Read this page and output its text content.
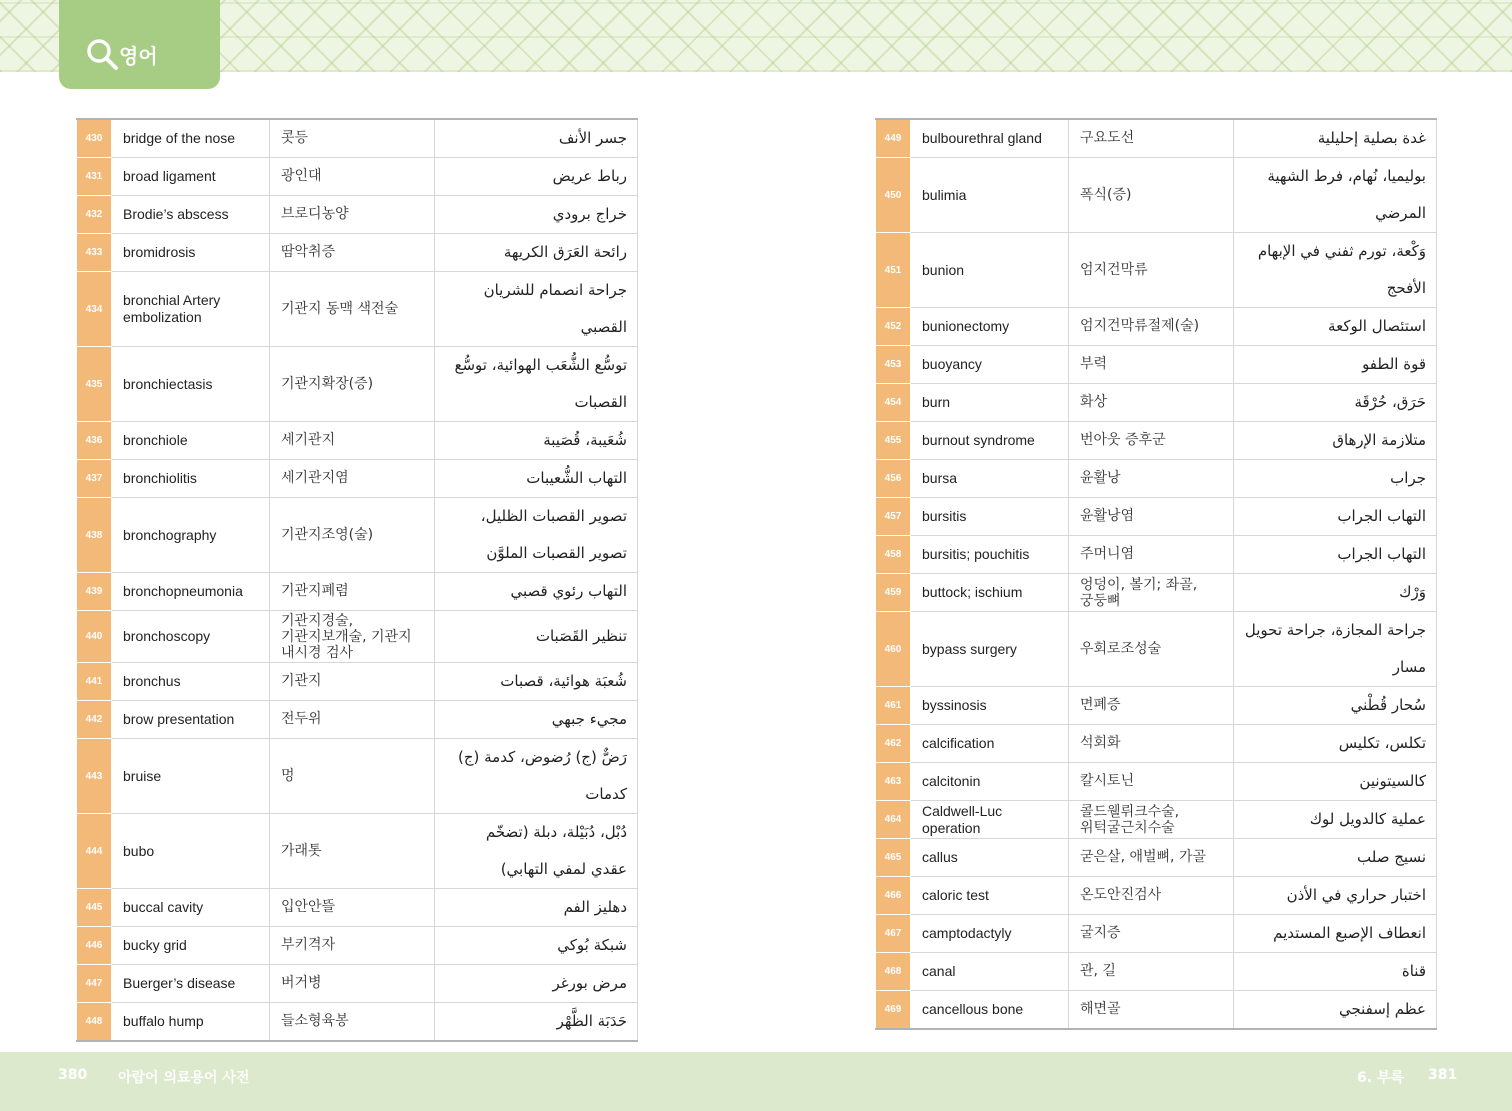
영어
430	bridge of the nose	콧등	جسر الأنف
431	broad ligament	광인대	رباط عريض
432	Brodie’s abscess	브로디농양	خراج برودي
433	bromidrosis	땀악취증	رائحة العَرَق الكريهة
434	bronchial Artery embolization	기관지 동맥 색전술	جراحة انصمام للشريان القصبي
435	bronchiectasis	기관지확장(증)	توسُّع الشُّعَب الهوائية، توسُّع القصبات
436	bronchiole	세기관지	شُعَيبة، قُصَيبة
437	bronchiolitis	세기관지염	التهاب الشُّعيبات
438	bronchography	기관지조영(술)	تصوير القصبات الظليل، تصوير القصبات الملوَّن
439	bronchopneumonia	기관지폐렴	التهاب رئوي قصبي
440	bronchoscopy	기관지경술,
기관지보개술, 기관지
내시경 검사	تنظير القَصَبات
441	bronchus	기관지	شُعبَة هوائية، قصبات
442	brow presentation	전두위	مجيء جبهي
443	bruise	멍	رَضٌّ (ج) رُضوض، كدمة (ج) كدمات
444	bubo	가래톳	دُبْل، دُبَيْلة، دبلة (تضخّم عقدي لمفي التهابي)
445	buccal cavity	입안안뜰	دهليز الفم
446	bucky grid	부키격자	شبكة بُوكي
447	Buerger’s disease	버거병	مرض بورغر
448	buffalo hump	들소형육봉	حَدَبَة الظَّهْر
449	bulbourethral gland	구요도선	غدة بصلية إحليلية
450	bulimia	폭식(증)	بوليميا، نُهام، فرط الشهية المرضي
451	bunion	엄지건막류	وَكْعة، تورم ثفني في الإبهام الأفحج
452	bunionectomy	엄지건막류절제(술)	استئصال الوكعة
453	buoyancy	부력	قوة الطفو
454	burn	화상	حَرَق، حُرْقَة
455	burnout syndrome	번아웃 증후군	متلازمة الإرهاق
456	bursa	윤활낭	جراب
457	bursitis	윤활낭염	التهاب الجراب
458	bursitis; pouchitis	주머니염	التهاب الجراب
459	buttock; ischium	엉덩이, 볼기; 좌골,
궁둥뼈	وَرْك
460	bypass surgery	우회로조성술	جراحة المجازة، جراحة تحويل مسار
461	byssinosis	면폐증	سُحار قُطْني
462	calcification	석회화	تكلس، تكليس
463	calcitonin	칼시토닌	كالسيتونين
464	Caldwell-Luc operation	콜드웰뤼크수술,
위턱굴근치수술	عملية كالدويل لوك
465	callus	굳은살, 애벌뼈, 가골	نسيج صلب
466	caloric test	온도안진검사	اختبار حراري في الأذن
467	camptodactyly	굴지증	انعطاف الإصبع المستديم
468	canal	관, 길	قناة
469	cancellous bone	해면골	عظم إسفنجي
380 아랍어 의료용어 사전	6. 부록 381
